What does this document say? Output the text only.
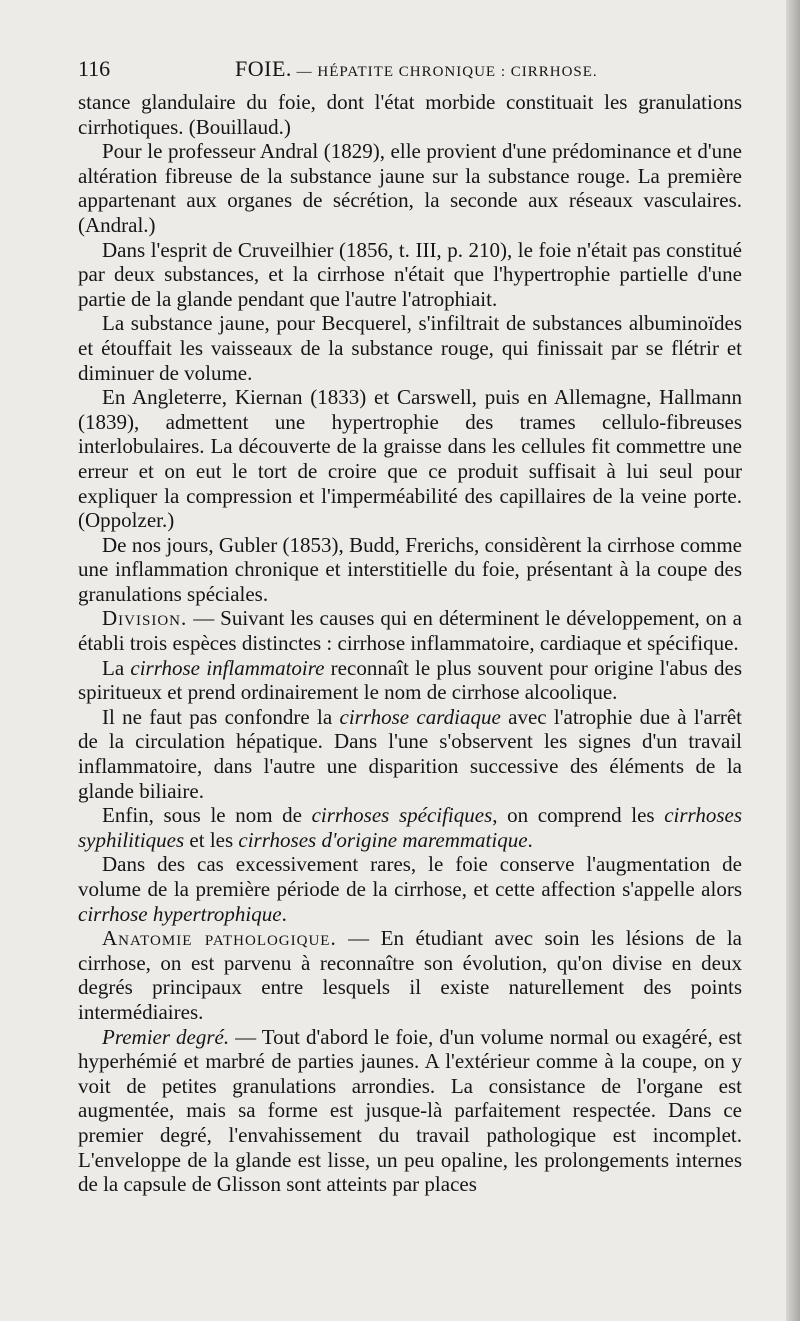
116	FOIE. — HÉPATITE CHRONIQUE : CIRRHOSE.

stance glandulaire du foie, dont l'état morbide constituait les granulations cirrhotiques. (Bouillaud.)

Pour le professeur Andral (1829), elle provient d'une prédominance et d'une altération fibreuse de la substance jaune sur la substance rouge. La première appartenant aux organes de sécrétion, la seconde aux réseaux vasculaires. (Andral.)

Dans l'esprit de Cruveilhier (1856, t. III, p. 210), le foie n'était pas constitué par deux substances, et la cirrhose n'était que l'hypertrophie partielle d'une partie de la glande pendant que l'autre l'atrophiait.

La substance jaune, pour Becquerel, s'infiltrait de substances albuminoïdes et étouffait les vaisseaux de la substance rouge, qui finissait par se flétrir et diminuer de volume.

En Angleterre, Kiernan (1833) et Carswell, puis en Allemagne, Hallmann (1839), admettent une hypertrophie des trames cellulo-fibreuses interlobulaires. La découverte de la graisse dans les cellules fit commettre une erreur et on eut le tort de croire que ce produit suffisait à lui seul pour expliquer la compression et l'imperméabilité des capillaires de la veine porte. (Oppolzer.)

De nos jours, Gubler (1853), Budd, Frerichs, considèrent la cirrhose comme une inflammation chronique et interstitielle du foie, présentant à la coupe des granulations spéciales.

Division. — Suivant les causes qui en déterminent le développement, on a établi trois espèces distinctes : cirrhose inflammatoire, cardiaque et spécifique.

La cirrhose inflammatoire reconnaît le plus souvent pour origine l'abus des spiritueux et prend ordinairement le nom de cirrhose alcoolique.

Il ne faut pas confondre la cirrhose cardiaque avec l'atrophie due à l'arrêt de la circulation hépatique. Dans l'une s'observent les signes d'un travail inflammatoire, dans l'autre une disparition successive des éléments de la glande biliaire.

Enfin, sous le nom de cirrhoses spécifiques, on comprend les cirrhoses syphilitiques et les cirrhoses d'origine maremmatique.

Dans des cas excessivement rares, le foie conserve l'augmentation de volume de la première période de la cirrhose, et cette affection s'appelle alors cirrhose hypertrophique.

Anatomie pathologique. — En étudiant avec soin les lésions de la cirrhose, on est parvenu à reconnaître son évolution, qu'on divise en deux degrés principaux entre lesquels il existe naturellement des points intermédiaires.

Premier degré. — Tout d'abord le foie, d'un volume normal ou exagéré, est hyperhémié et marbré de parties jaunes. A l'extérieur comme à la coupe, on y voit de petites granulations arrondies. La consistance de l'organe est augmentée, mais sa forme est jusque-là parfaitement respectée. Dans ce premier degré, l'envahissement du travail pathologique est incomplet. L'enveloppe de la glande est lisse, un peu opaline, les prolongements internes de la capsule de Glisson sont atteints par places
